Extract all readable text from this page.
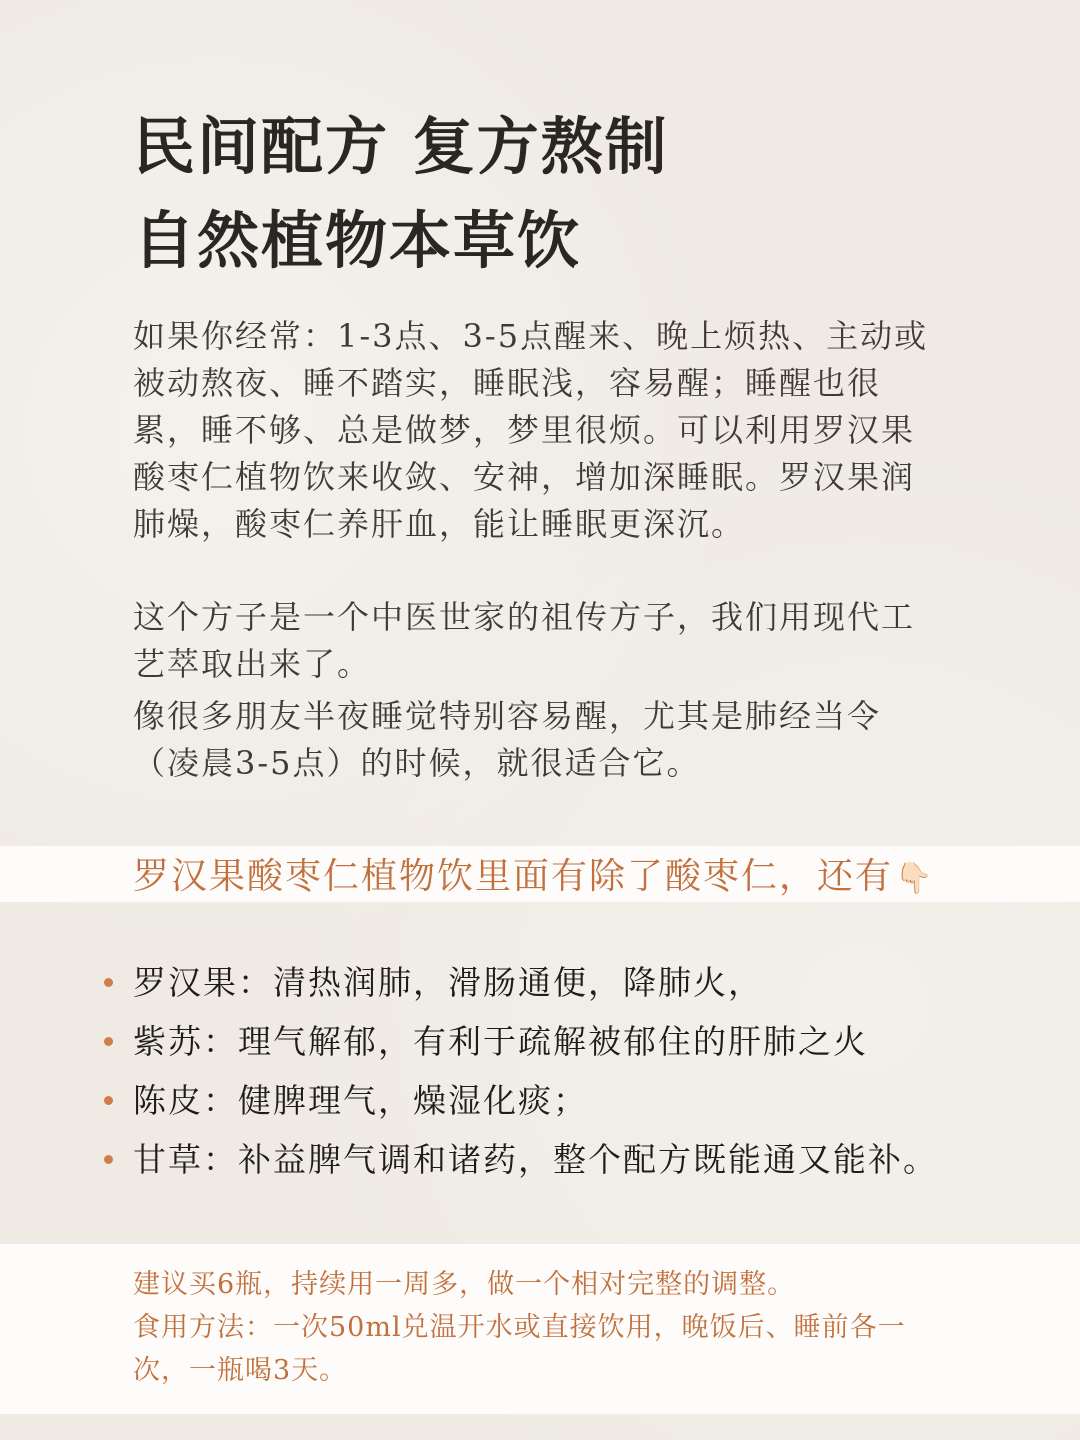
民间配方 复方熬制
自然植物本草饮

如果你经常：1-3点、3-5点醒来、晚上烦热、主动或被动熬夜、睡不踏实，睡眠浅，容易醒；睡醒也很累，睡不够、总是做梦，梦里很烦。可以利用罗汉果酸枣仁植物饮来收敛、安神，增加深睡眠。罗汉果润肺燥，酸枣仁养肝血，能让睡眠更深沉。

这个方子是一个中医世家的祖传方子，我们用现代工艺萃取出来了。

像很多朋友半夜睡觉特别容易醒，尤其是肺经当令（凌晨3-5点）的时候，就很适合它。

罗汉果酸枣仁植物饮里面有除了酸枣仁，还有👇🏻
罗汉果：清热润肺，滑肠通便，降肺火，
紫苏：理气解郁，有利于疏解被郁住的肝肺之火
陈皮：健脾理气，燥湿化痰；
甘草：补益脾气调和诸药，整个配方既能通又能补。

建议买6瓶，持续用一周多，做一个相对完整的调整。

食用方法：一次50ml兑温开水或直接饮用，晚饭后、睡前各一次，一瓶喝3天。
